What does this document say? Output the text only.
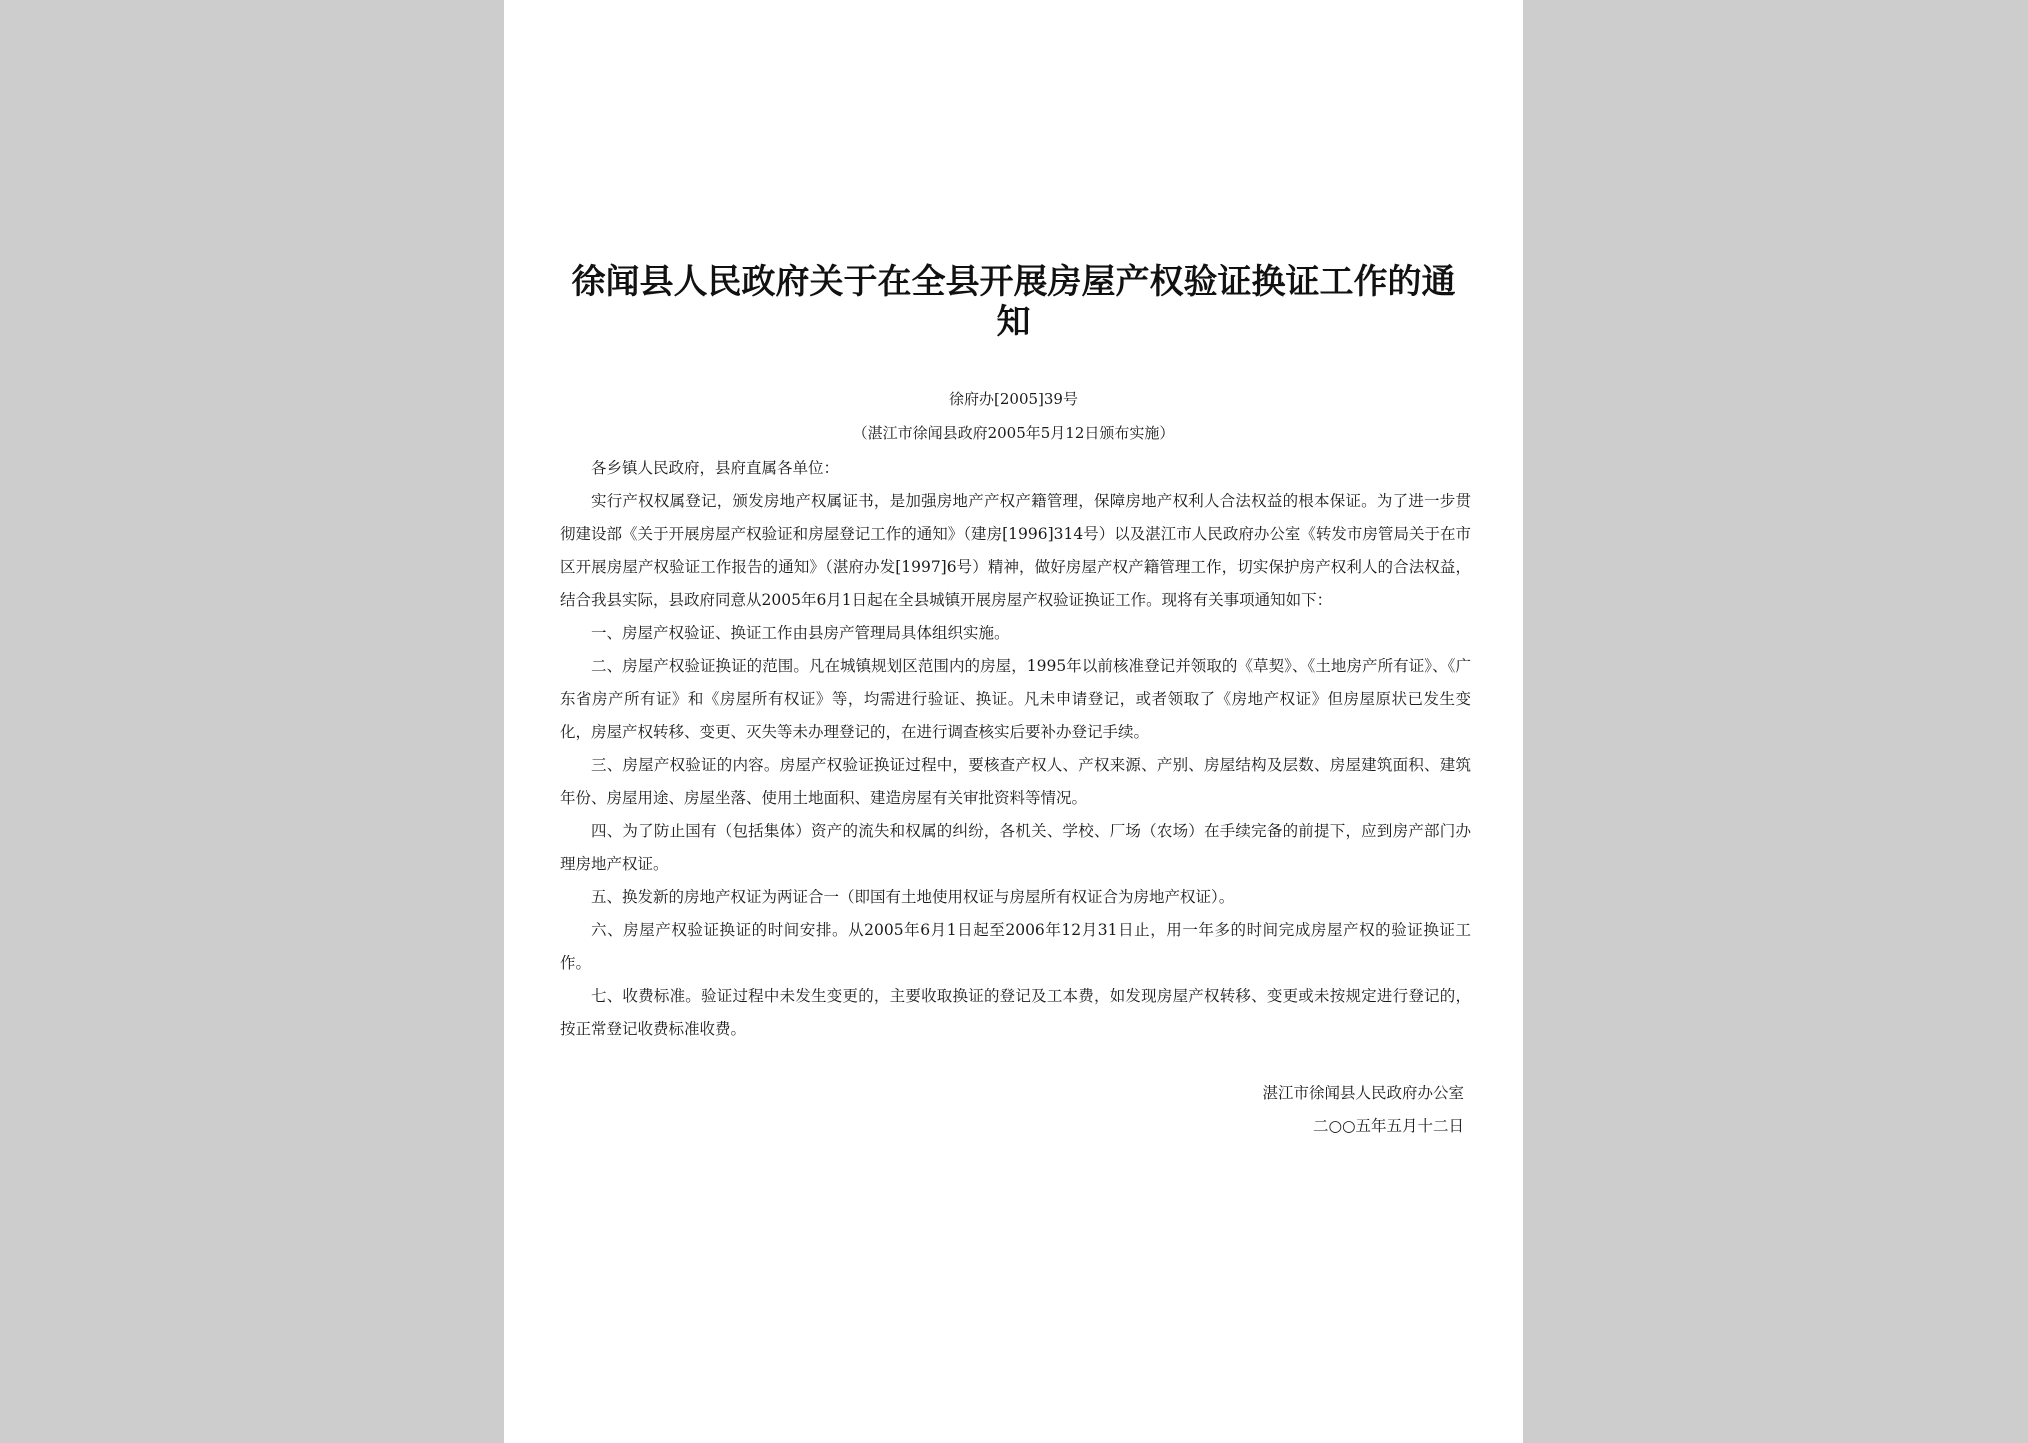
徐闻县人民政府关于在全县开展房屋产权验证换证工作的通知
徐府办[2005]39号
（湛江市徐闻县政府2005年5月12日颁布实施）

各乡镇人民政府，县府直属各单位：

实行产权权属登记，颁发房地产权属证书，是加强房地产产权产籍管理，保障房地产权利人合法权益的根本保证。为了进一步贯彻建设部《关于开展房屋产权验证和房屋登记工作的通知》（建房[1996]314号）以及湛江市人民政府办公室《转发市房管局关于在市区开展房屋产权验证工作报告的通知》（湛府办发[1997]6号）精神，做好房屋产权产籍管理工作，切实保护房产权利人的合法权益，结合我县实际，县政府同意从2005年6月1日起在全县城镇开展房屋产权验证换证工作。现将有关事项通知如下：

一、房屋产权验证、换证工作由县房产管理局具体组织实施。

二、房屋产权验证换证的范围。凡在城镇规划区范围内的房屋，1995年以前核准登记并领取的《草契》、《土地房产所有证》、《广东省房产所有证》和《房屋所有权证》等，均需进行验证、换证。凡未申请登记，或者领取了《房地产权证》但房屋原状已发生变化，房屋产权转移、变更、灭失等未办理登记的，在进行调查核实后要补办登记手续。

三、房屋产权验证的内容。房屋产权验证换证过程中，要核查产权人、产权来源、产别、房屋结构及层数、房屋建筑面积、建筑年份、房屋用途、房屋坐落、使用土地面积、建造房屋有关审批资料等情况。

四、为了防止国有（包括集体）资产的流失和权属的纠纷，各机关、学校、厂场（农场）在手续完备的前提下，应到房产部门办理房地产权证。

五、换发新的房地产权证为两证合一（即国有土地使用权证与房屋所有权证合为房地产权证）。

六、房屋产权验证换证的时间安排。从2005年6月1日起至2006年12月31日止，用一年多的时间完成房屋产权的验证换证工作。

七、收费标准。验证过程中未发生变更的，主要收取换证的登记及工本费，如发现房屋产权转移、变更或未按规定进行登记的，按正常登记收费标准收费。

湛江市徐闻县人民政府办公室
二○○五年五月十二日
